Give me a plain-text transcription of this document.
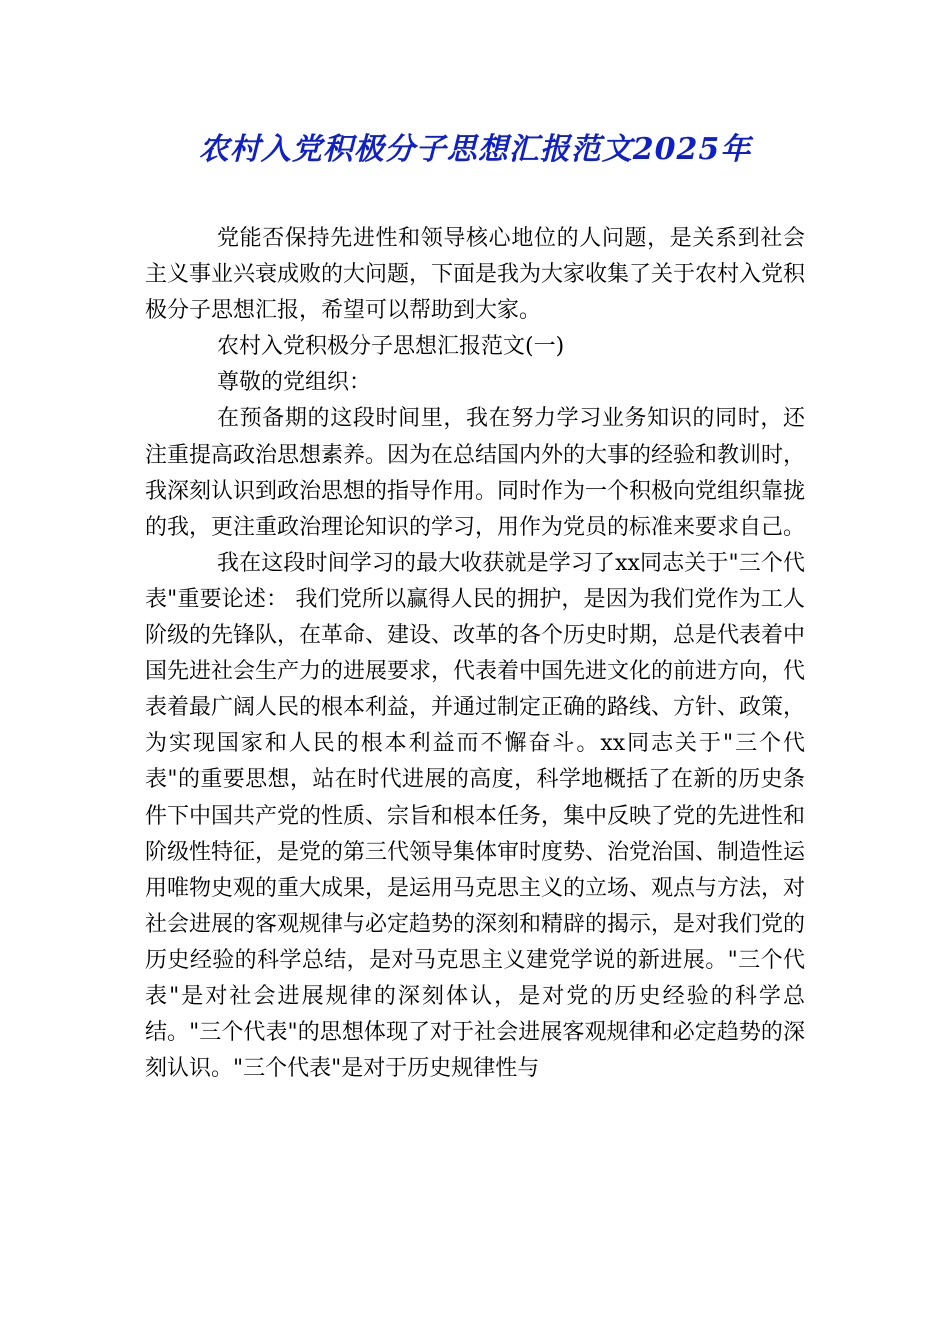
农村入党积极分子思想汇报范文2025年

党能否保持先进性和领导核心地位的人问题，是关系到社会主义事业兴衰成败的大问题，下面是我为大家收集了关于农村入党积极分子思想汇报，希望可以帮助到大家。

农村入党积极分子思想汇报范文(一)

尊敬的党组织：

在预备期的这段时间里，我在努力学习业务知识的同时，还注重提高政治思想素养。因为在总结国内外的大事的经验和教训时，我深刻认识到政治思想的指导作用。同时作为一个积极向党组织靠拢的我，更注重政治理论知识的学习，用作为党员的标准来要求自己。

我在这段时间学习的最大收获就是学习了xx同志关于"三个代表"重要论述： 我们党所以赢得人民的拥护，是因为我们党作为工人阶级的先锋队，在革命、建设、改革的各个历史时期，总是代表着中国先进社会生产力的进展要求，代表着中国先进文化的前进方向，代表着最广阔人民的根本利益，并通过制定正确的路线、方针、政策，为实现国家和人民的根本利益而不懈奋斗。xx同志关于"三个代表"的重要思想，站在时代进展的高度，科学地概括了在新的历史条件下中国共产党的性质、宗旨和根本任务，集中反映了党的先进性和阶级性特征，是党的第三代领导集体审时度势、治党治国、制造性运用唯物史观的重大成果，是运用马克思主义的立场、观点与方法，对社会进展的客观规律与必定趋势的深刻和精辟的揭示，是对我们党的历史经验的科学总结，是对马克思主义建党学说的新进展。"三个代表"是对社会进展规律的深刻体认，是对党的历史经验的科学总结。"三个代表"的思想体现了对于社会进展客观规律和必定趋势的深刻认识。"三个代表"是对于历史规律性与
